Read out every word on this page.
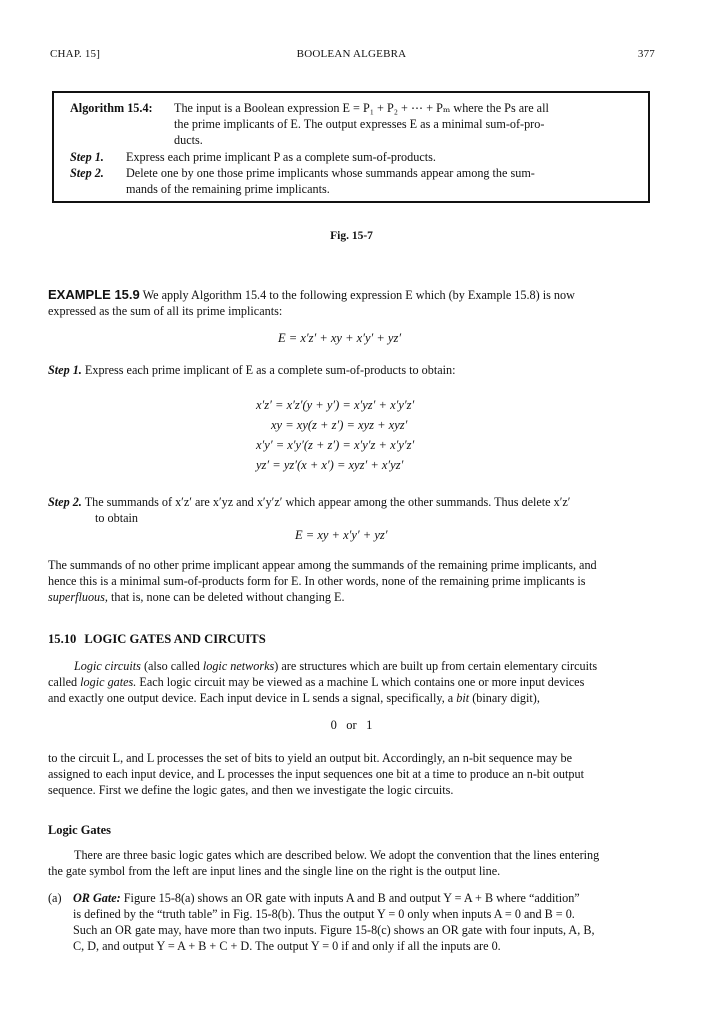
CHAP. 15]	BOOLEAN ALGEBRA	377
Algorithm 15.4: The input is a Boolean expression E = P₁ + P₂ + ⋯ + Pₘ where the Ps are all
the prime implicants of E. The output expresses E as a minimal sum-of-pro-
ducts.
Step 1. Express each prime implicant P as a complete sum-of-products.
Step 2. Delete one by one those prime implicants whose summands appear among the sum-
mands of the remaining prime implicants.
Fig. 15-7
EXAMPLE 15.9 We apply Algorithm 15.4 to the following expression E which (by Example 15.8) is now
expressed as the sum of all its prime implicants:
E = x′z′ + xy + x′y′ + yz′
Step 1. Express each prime implicant of E as a complete sum-of-products to obtain:
x′z′ = x′z′(y + y′) = x′yz′ + x′y′z′
xy = xy(z + z′) = xyz + xyz′
x′y′ = x′y′(z + z′) = x′y′z + x′y′z′
yz′ = yz′(x + x′) = xyz′ + x′yz′
Step 2. The summands of x′z′ are x′yz and x′y′z′ which appear among the other summands. Thus delete x′z′
to obtain
E = xy + x′y′ + yz′
The summands of no other prime implicant appear among the summands of the remaining prime implicants, and
hence this is a minimal sum-of-products form for E. In other words, none of the remaining prime implicants is
superfluous, that is, none can be deleted without changing E.
15.10 LOGIC GATES AND CIRCUITS
Logic circuits (also called logic networks) are structures which are built up from certain elementary circuits
called logic gates. Each logic circuit may be viewed as a machine L which contains one or more input devices
and exactly one output device. Each input device in L sends a signal, specifically, a bit (binary digit),
0   or   1
to the circuit L, and L processes the set of bits to yield an output bit. Accordingly, an n-bit sequence may be
assigned to each input device, and L processes the input sequences one bit at a time to produce an n-bit output
sequence. First we define the logic gates, and then we investigate the logic circuits.
Logic Gates
There are three basic logic gates which are described below. We adopt the convention that the lines entering
the gate symbol from the left are input lines and the single line on the right is the output line.
(a) OR Gate: Figure 15-8(a) shows an OR gate with inputs A and B and output Y = A + B where “addition”
is defined by the “truth table” in Fig. 15-8(b). Thus the output Y = 0 only when inputs A = 0 and B = 0.
Such an OR gate may, have more than two inputs. Figure 15-8(c) shows an OR gate with four inputs, A, B,
C, D, and output Y = A + B + C + D. The output Y = 0 if and only if all the inputs are 0.
